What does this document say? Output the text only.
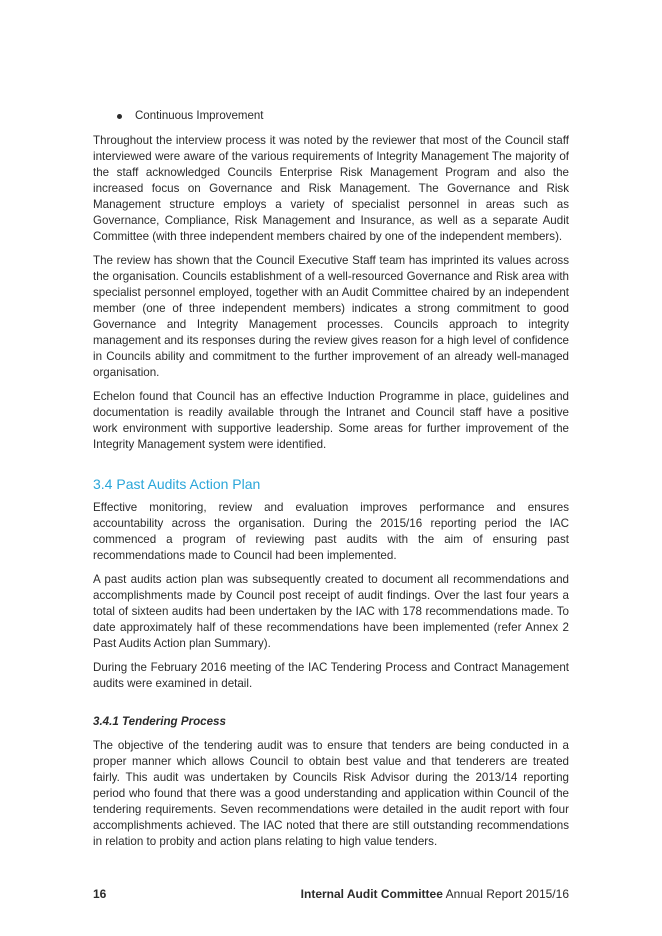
Continuous Improvement

Throughout the interview process it was noted by the reviewer that most of the Council staff interviewed were aware of the various requirements of Integrity Management The majority of the staff acknowledged Councils Enterprise Risk Management Program and also the increased focus on Governance and Risk Management. The Governance and Risk Management structure employs a variety of specialist personnel in areas such as Governance, Compliance, Risk Management and Insurance, as well as a separate Audit Committee (with three independent members chaired by one of the independent members).

The review has shown that the Council Executive Staff team has imprinted its values across the organisation. Councils establishment of a well-resourced Governance and Risk area with specialist personnel employed, together with an Audit Committee chaired by an independent member (one of three independent members) indicates a strong commitment to good Governance and Integrity Management processes. Councils approach to integrity management and its responses during the review gives reason for a high level of confidence in Councils ability and commitment to the further improvement of an already well-managed organisation.

Echelon found that Council has an effective Induction Programme in place, guidelines and documentation is readily available through the Intranet and Council staff have a positive work environment with supportive leadership. Some areas for further improvement of the Integrity Management system were identified.

3.4 Past Audits Action Plan

Effective monitoring, review and evaluation improves performance and ensures accountability across the organisation. During the 2015/16 reporting period the IAC commenced a program of reviewing past audits with the aim of ensuring past recommendations made to Council had been implemented.

A past audits action plan was subsequently created to document all recommendations and accomplishments made by Council post receipt of audit findings. Over the last four years a total of sixteen audits had been undertaken by the IAC with 178 recommendations made. To date approximately half of these recommendations have been implemented (refer Annex 2 Past Audits Action plan Summary).

During the February 2016 meeting of the IAC Tendering Process and Contract Management audits were examined in detail.

3.4.1 Tendering Process

The objective of the tendering audit was to ensure that tenders are being conducted in a proper manner which allows Council to obtain best value and that tenderers are treated fairly. This audit was undertaken by Councils Risk Advisor during the 2013/14 reporting period who found that there was a good understanding and application within Council of the tendering requirements. Seven recommendations were detailed in the audit report with four accomplishments achieved. The IAC noted that there are still outstanding recommendations in relation to probity and action plans relating to high value tenders.

16	Internal Audit Committee Annual Report 2015/16
